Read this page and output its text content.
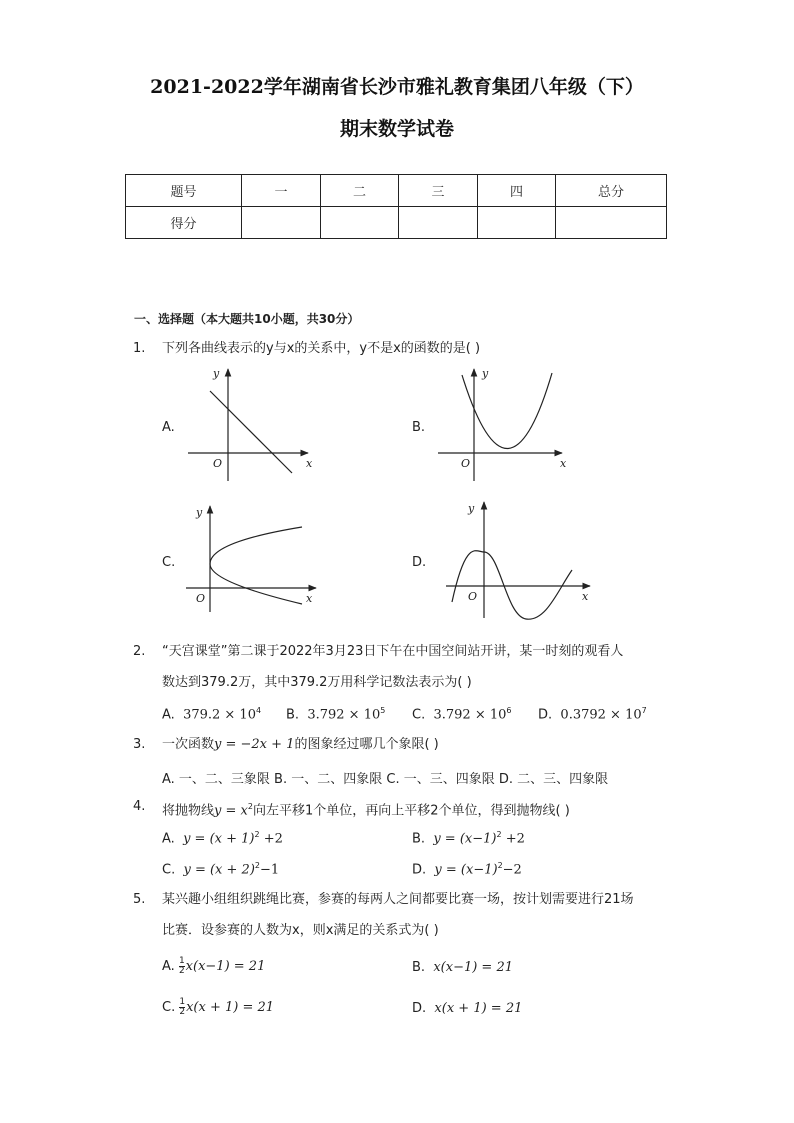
2021-2022学年湖南省长沙市雅礼教育集团八年级（下）
期末数学试卷
题号	一	二	三	四	总分
得分					
一、选择题（本大题共10小题，共30分）
1.	下列各曲线表示的y与x的关系中，y不是x的函数的是( )
A.	B.
C.	D.
x
y
O	x
y
O
x
y
O	x
y
O
2.	“天宫课堂”第二课于2022年3月23日下午在中国空间站开讲，某一时刻的观看人
数达到379.2万，其中379.2万用科学记数法表示为( )
A. $379.2 \times 10^4$ B. $3.792 \times 10^5$ C. $3.792 \times 10^6$ D. $0.3792 \times 10^7$
3.	一次函数y = −2x + 1的图象经过哪几个象限( )
A. 一、二、三象限 B. 一、二、四象限 C. 一、三、四象限 D. 二、三、四象限
4.	将抛物线$y = x^2$向左平移1个单位，再向上平移2个单位，得到抛物线( )
A. $y = (x + 1)^2 +2$	B. $y = (x-1)^2 +2$
C. $y = (x + 2)^2-1$	D. $y = (x-1)^2-2$
5.	某兴趣小组组织跳绳比赛，参赛的每两人之间都要比赛一场，按计划需要进行21场
比赛．设参赛的人数为x，则x满足的关系式为( )
A. $\frac{1}{2} x(x-1) = 21$	B. x(x−1) = 21
C. $\frac{1}{2} x(x + 1) = 21$	D. x(x + 1) = 21
